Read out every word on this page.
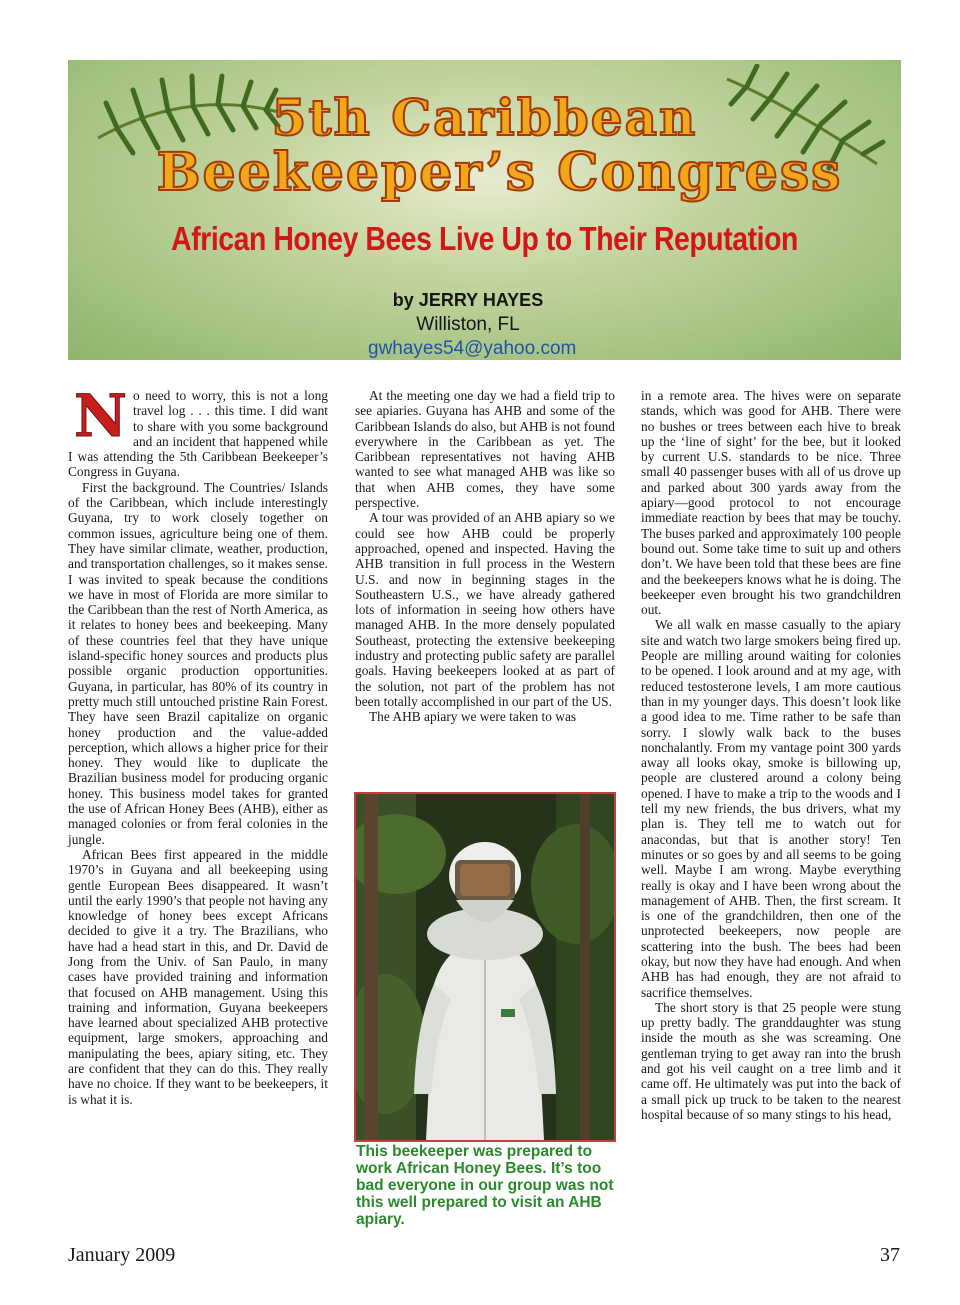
5th Caribbean
Beekeeper’s Congress
African Honey Bees Live Up to Their Reputation
by JERRY HAYES
Williston, FL
gwhayes54@yahoo.com
N o need to worry, this is not a long travel log . . . this time. I did want to share with you some background and an incident that happened while I was attending the 5th Caribbean Beekeeper’s Congress in Guyana.

First the background. The Countries/ Islands of the Caribbean, which include interestingly Guyana, try to work closely together on common issues, agriculture being one of them. They have similar climate, weather, production, and transportation challenges, so it makes sense. I was invited to speak because the conditions we have in most of Florida are more similar to the Caribbean than the rest of North America, as it relates to honey bees and beekeeping. Many of these countries feel that they have unique island-specific honey sources and products plus possible organic production opportunities. Guyana, in particular, has 80% of its country in pretty much still untouched pristine Rain Forest. They have seen Brazil capitalize on organic honey production and the value-added perception, which allows a higher price for their honey. They would like to duplicate the Brazilian business model for producing organic honey. This business model takes for granted the use of African Honey Bees (AHB), either as managed colonies or from feral colonies in the jungle.

African Bees first appeared in the middle 1970’s in Guyana and all beekeeping using gentle European Bees disappeared. It wasn’t until the early 1990’s that people not having any knowledge of honey bees except Africans decided to give it a try. The Brazilians, who have had a head start in this, and Dr. David de Jong from the Univ. of San Paulo, in many cases have provided training and information that focused on AHB management. Using this training and information, Guyana beekeepers have learned about specialized AHB protective equipment, large smokers, approaching and manipulating the bees, apiary siting, etc. They are confident that they can do this. They really have no choice. If they want to be beekeepers, it is what it is.

At the meeting one day we had a field trip to see apiaries. Guyana has AHB and some of the Caribbean Islands do also, but AHB is not found everywhere in the Caribbean as yet. The Caribbean representatives not having AHB wanted to see what managed AHB was like so that when AHB comes, they have some perspective.

A tour was provided of an AHB apiary so we could see how AHB could be properly approached, opened and inspected. Having the AHB transition in full process in the Western U.S. and now in beginning stages in the Southeastern U.S., we have already gathered lots of information in seeing how others have managed AHB. In the more densely populated Southeast, protecting the extensive beekeeping industry and protecting public safety are parallel goals. Having beekeepers looked at as part of the solution, not part of the problem has not been totally accomplished in our part of the US.

The AHB apiary we were taken to was

This beekeeper was prepared to work African Honey Bees. It’s too bad everyone in our group was not this well prepared to visit an AHB apiary.

in a remote area. The hives were on separate stands, which was good for AHB. There were no bushes or trees between each hive to break up the ‘line of sight’ for the bee, but it looked by current U.S. standards to be nice. Three small 40 passenger buses with all of us drove up and parked about 300 yards away from the apiary—good protocol to not encourage immediate reaction by bees that may be touchy. The buses parked and approximately 100 people bound out. Some take time to suit up and others don’t. We have been told that these bees are fine and the beekeepers knows what he is doing. The beekeeper even brought his two grandchildren out.

We all walk en masse casually to the apiary site and watch two large smokers being fired up. People are milling around waiting for colonies to be opened. I look around and at my age, with reduced testosterone levels, I am more cautious than in my younger days. This doesn’t look like a good idea to me. Time rather to be safe than sorry. I slowly walk back to the buses nonchalantly. From my vantage point 300 yards away all looks okay, smoke is billowing up, people are clustered around a colony being opened. I have to make a trip to the woods and I tell my new friends, the bus drivers, what my plan is. They tell me to watch out for anacondas, but that is another story! Ten minutes or so goes by and all seems to be going well. Maybe I am wrong. Maybe everything really is okay and I have been wrong about the management of AHB. Then, the first scream. It is one of the grandchildren, then one of the unprotected beekeepers, now people are scattering into the bush. The bees had been okay, but now they have had enough. And when AHB has had enough, they are not afraid to sacrifice themselves.

The short story is that 25 people were stung up pretty badly. The granddaughter was stung inside the mouth as she was screaming. One gentleman trying to get away ran into the brush and got his veil caught on a tree limb and it came off. He ultimately was put into the back of a small pick up truck to be taken to the nearest hospital because of so many stings to his head,

January 2009	37
